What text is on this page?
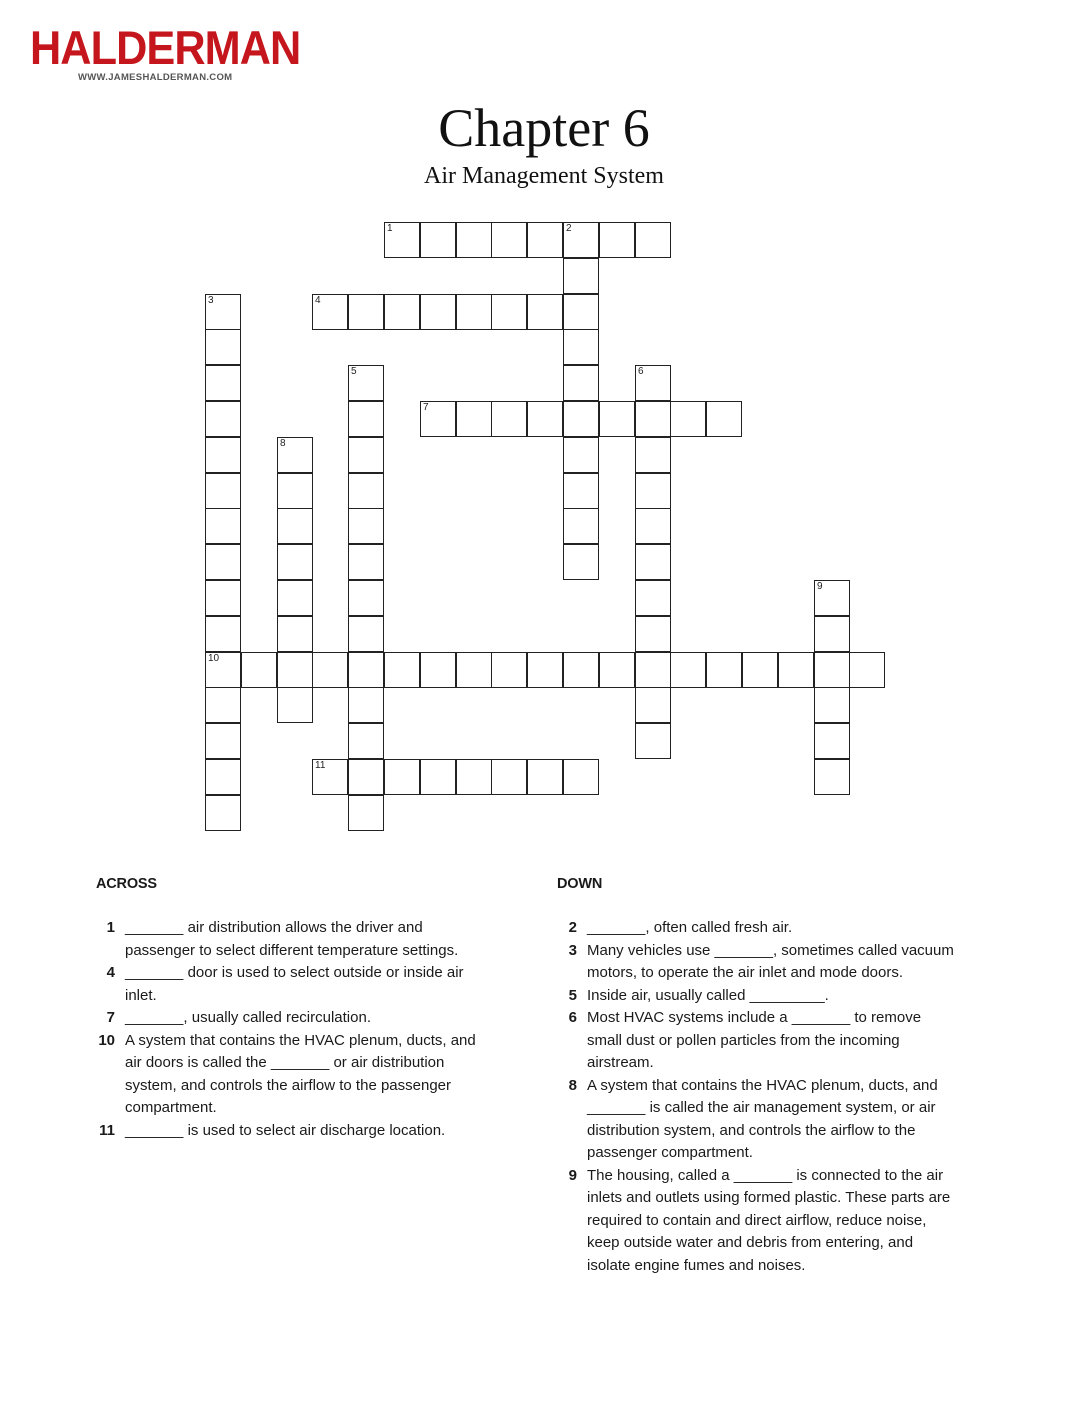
HALDERMAN
WWW.JAMESHALDERMAN.COM
Chapter 6
Air Management System
1	2
3
10
4
5	6
7
8
9
11
ACROSS	DOWN
1 _______ air distribution allows the driver and passenger to select different temperature settings.
4 _______ door is used to select outside or inside air inlet.
7 _______, usually called recirculation.
10 A system that contains the HVAC plenum, ducts, and air doors is called the _______ or air distribution system, and controls the airflow to the passenger compartment.
11 _______ is used to select air discharge location.
2 _______, often called fresh air.
3 Many vehicles use _______, sometimes called vacuum motors, to operate the air inlet and mode doors.
5 Inside air, usually called _________.
6 Most HVAC systems include a _______ to remove small dust or pollen particles from the incoming airstream.
8 A system that contains the HVAC plenum, ducts, and _______ is called the air management system, or air distribution system, and controls the airflow to the passenger compartment.
9 The housing, called a _______ is connected to the air inlets and outlets using formed plastic. These parts are required to contain and direct airflow, reduce noise, keep outside water and debris from entering, and isolate engine fumes and noises.
